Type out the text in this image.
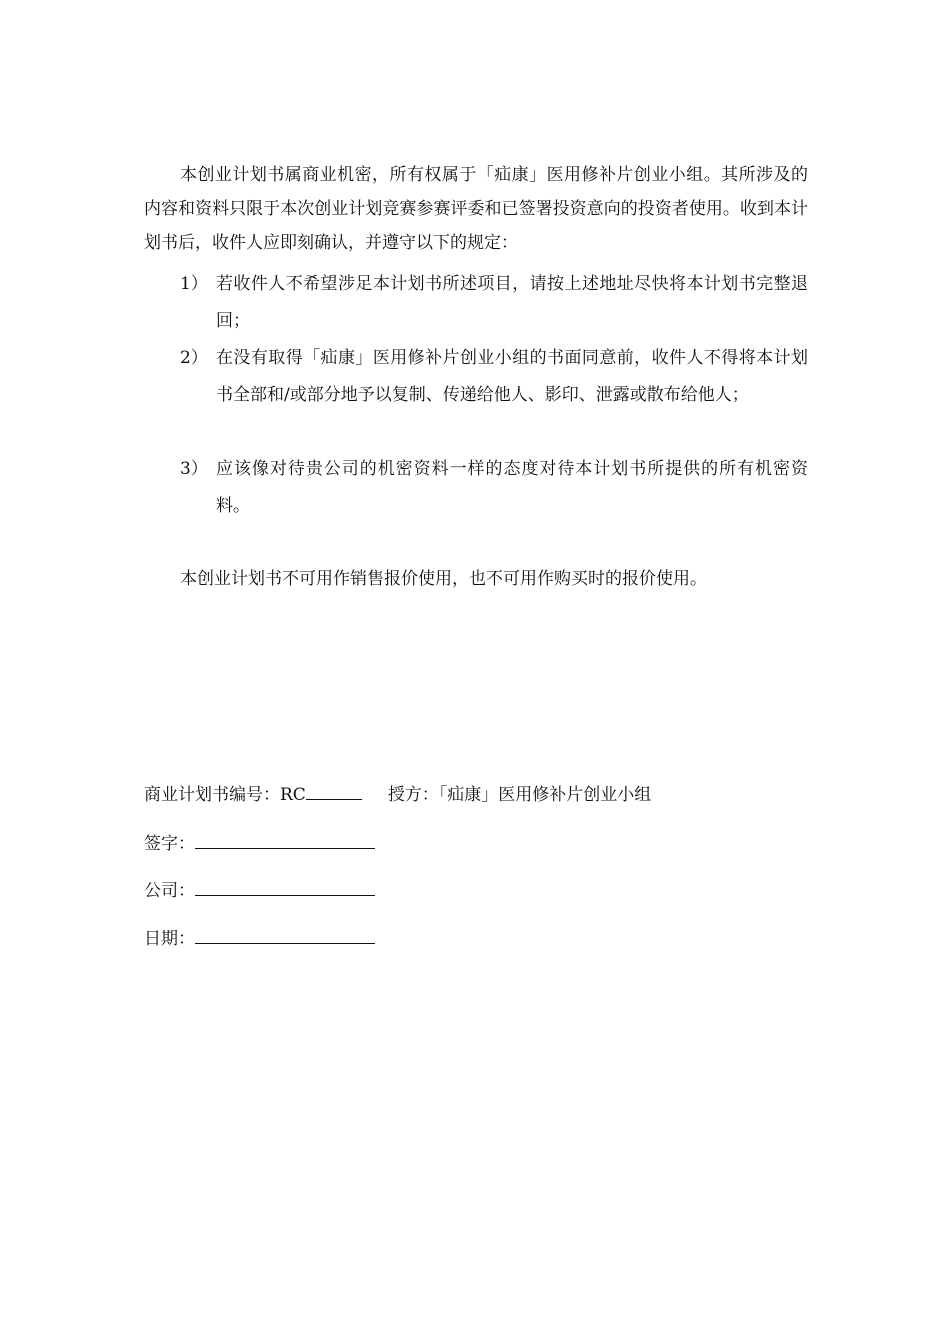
本创业计划书属商业机密，所有权属于「疝康」医用修补片创业小组。其所涉及的内容和资料只限于本次创业计划竞赛参赛评委和已签署投资意向的投资者使用。收到本计划书后，收件人应即刻确认，并遵守以下的规定：

1） 若收件人不希望涉足本计划书所述项目，请按上述地址尽快将本计划书完整退回；
2） 在没有取得「疝康」医用修补片创业小组的书面同意前，收件人不得将本计划书全部和/或部分地予以复制、传递给他人、影印、泄露或散布给他人；
3） 应该像对待贵公司的机密资料一样的态度对待本计划书所提供的所有机密资料。

本创业计划书不可用作销售报价使用，也不可用作购买时的报价使用。

商业计划书编号：RC	授方：「疝康」医用修补片创业小组
签字：
公司：
日期：
